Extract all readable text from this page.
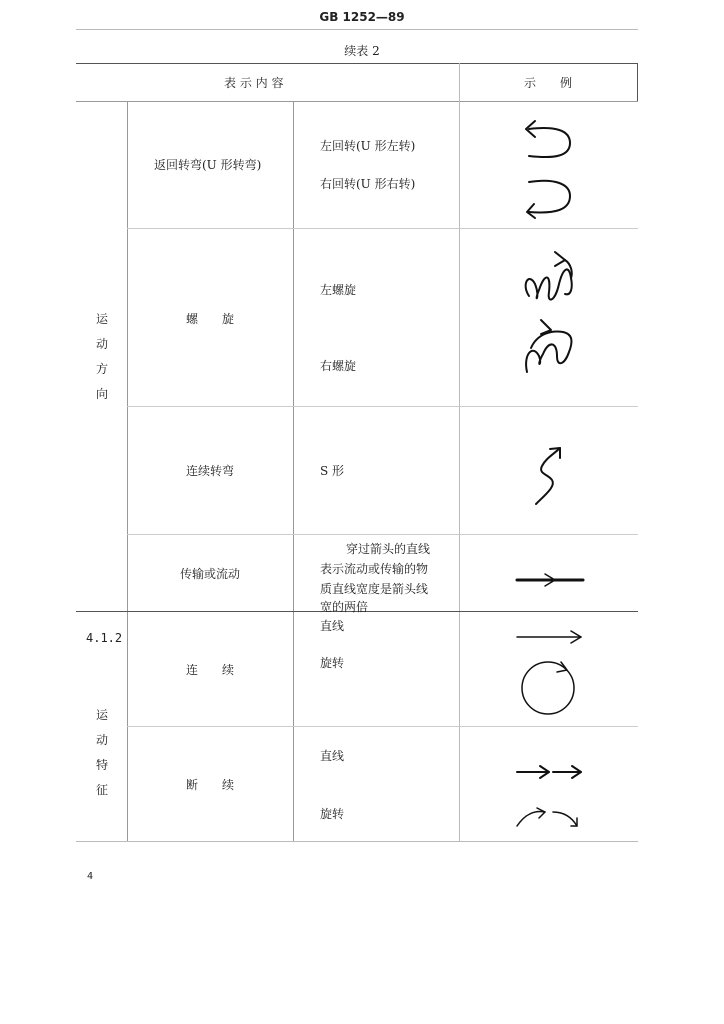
GB 1252—89
续表 2
表 示 内 容	示　　例
运
动
方
向
4.1.2
运
动
特
征
返回转弯(U 形转弯)
左回转(U 形左转)
右回转(U 形右转)
螺　　旋
左螺旋
右螺旋
连续转弯	S 形
传输或流动
穿过箭头的直线
表示流动或传输的物
质直线宽度是箭头线
宽的两倍
连　　续
直线
旋转
断　　续
直线
旋转
4
